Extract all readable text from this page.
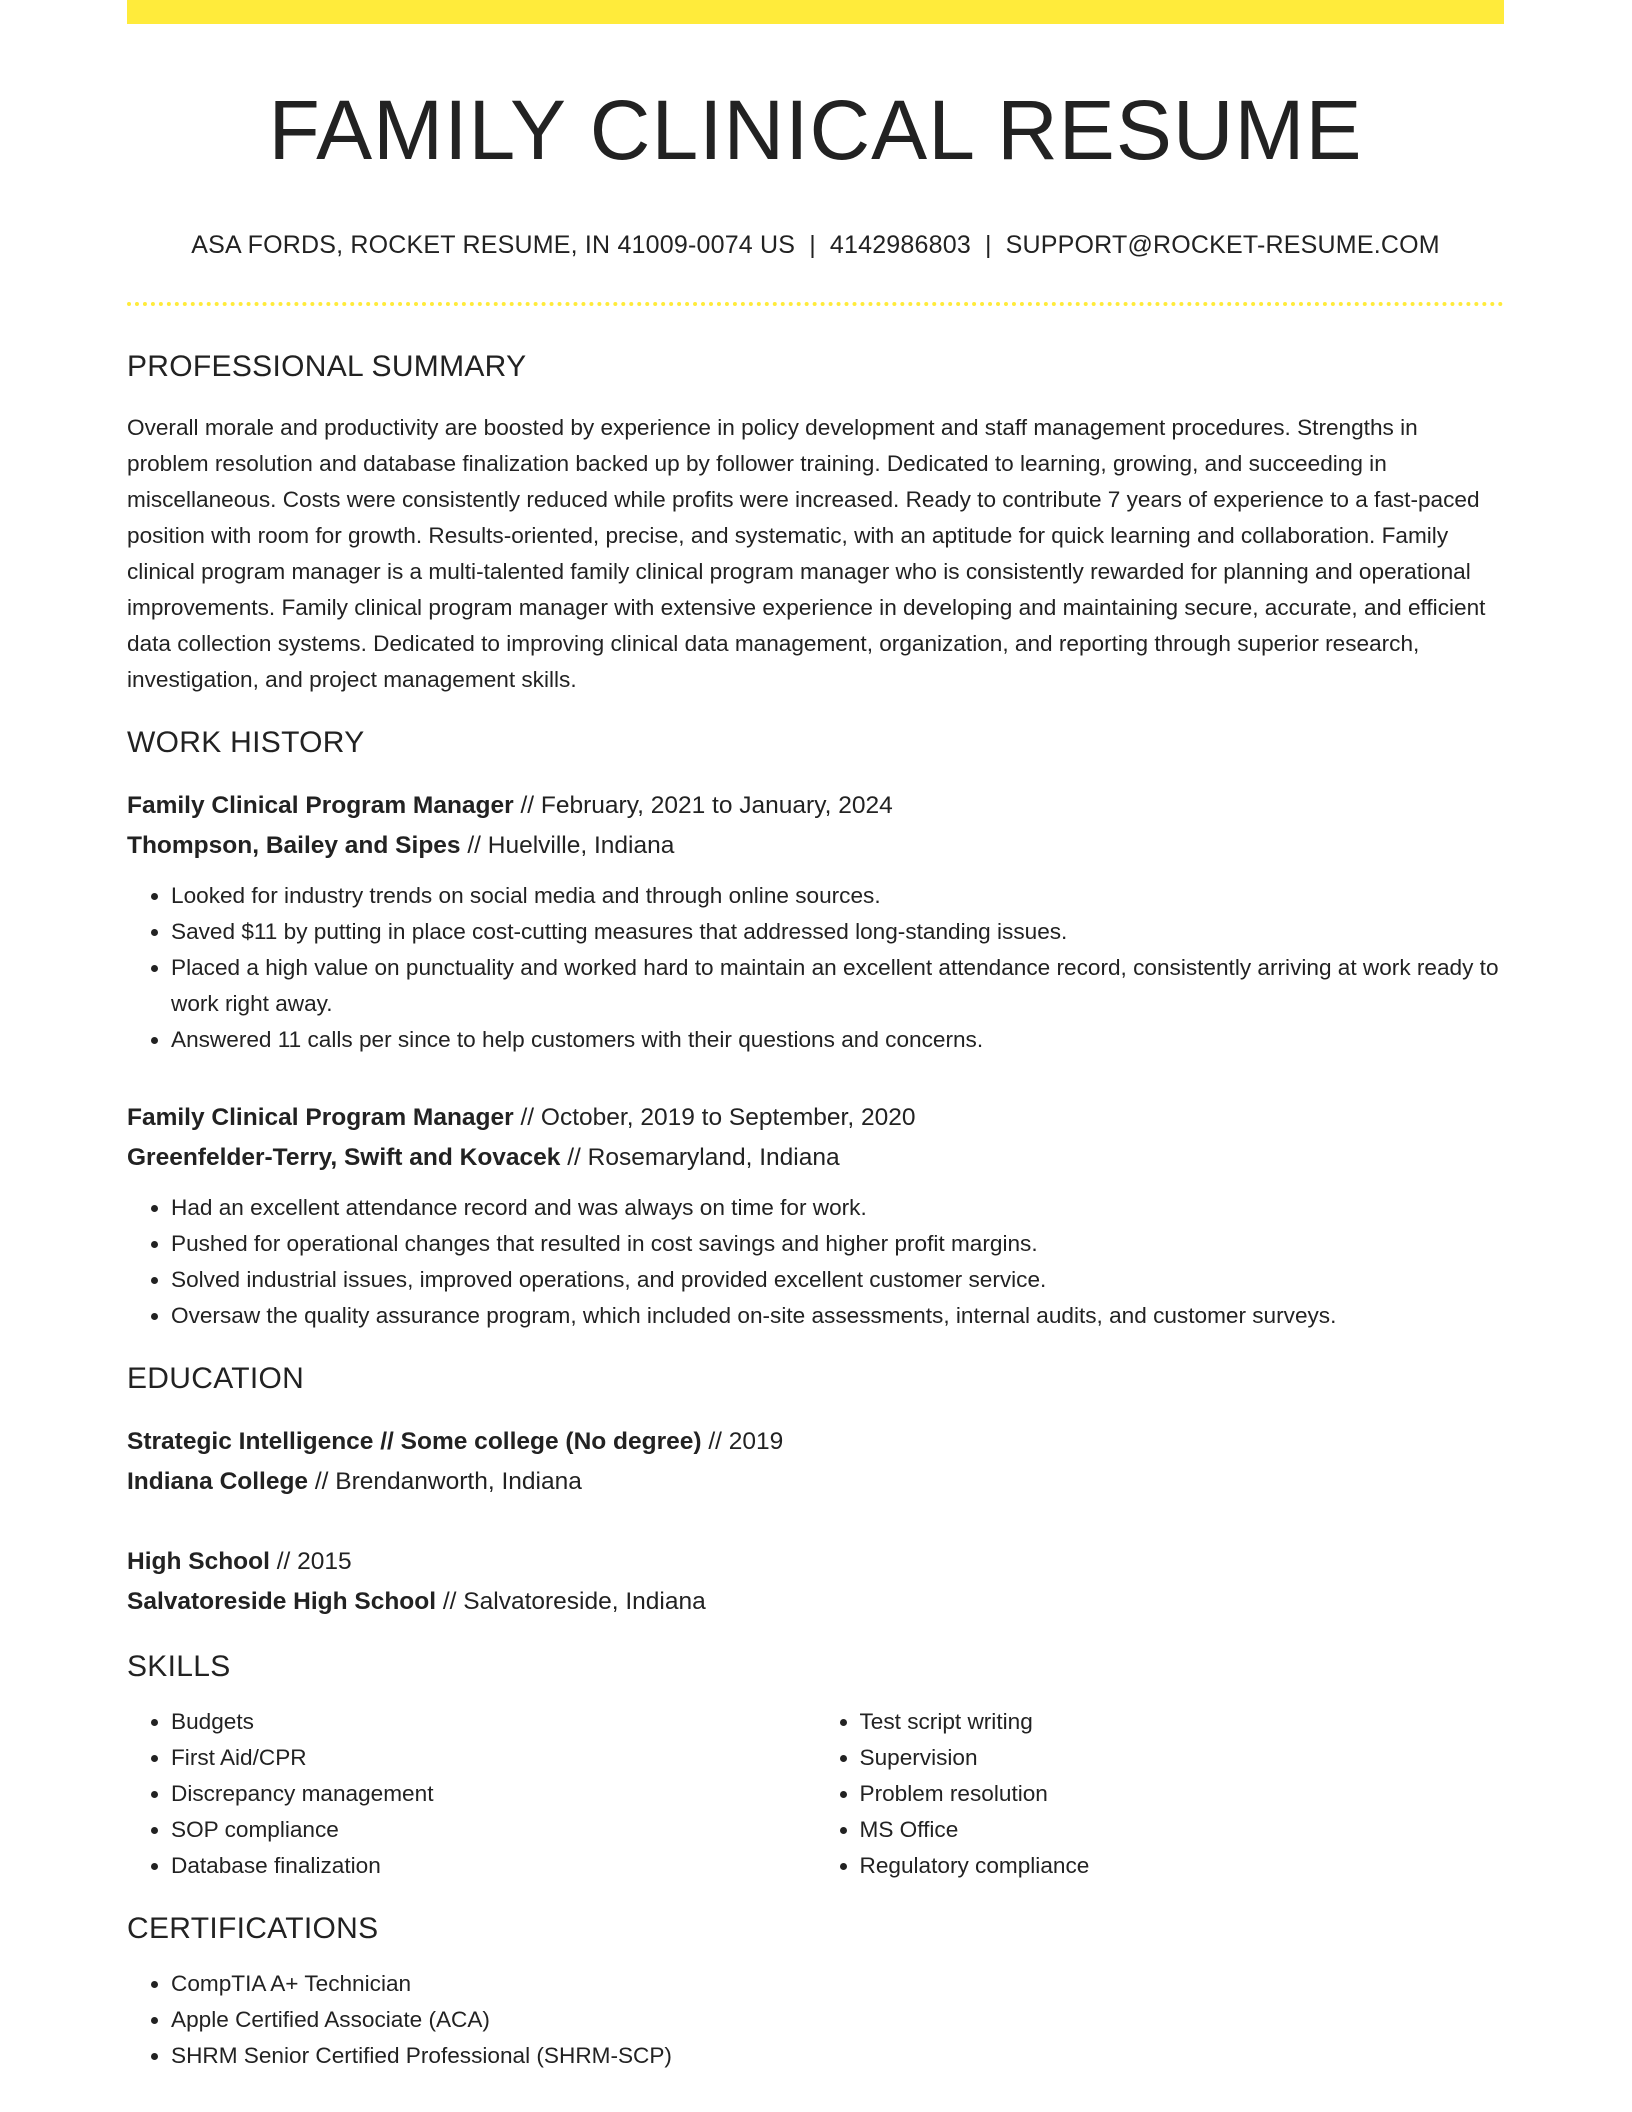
FAMILY CLINICAL RESUME
ASA FORDS, ROCKET RESUME, IN 41009-0074 US | 4142986803 | SUPPORT@ROCKET-RESUME.COM
PROFESSIONAL SUMMARY

Overall morale and productivity are boosted by experience in policy development and staff management procedures. Strengths in problem resolution and database finalization backed up by follower training. Dedicated to learning, growing, and succeeding in miscellaneous. Costs were consistently reduced while profits were increased. Ready to contribute 7 years of experience to a fast-paced position with room for growth. Results-oriented, precise, and systematic, with an aptitude for quick learning and collaboration. Family clinical program manager is a multi-talented family clinical program manager who is consistently rewarded for planning and operational improvements. Family clinical program manager with extensive experience in developing and maintaining secure, accurate, and efficient data collection systems. Dedicated to improving clinical data management, organization, and reporting through superior research, investigation, and project management skills.

WORK HISTORY
Family Clinical Program Manager // February, 2021 to January, 2024
Thompson, Bailey and Sipes // Huelville, Indiana
• Looked for industry trends on social media and through online sources.
• Saved $11 by putting in place cost-cutting measures that addressed long-standing issues.
• Placed a high value on punctuality and worked hard to maintain an excellent attendance record, consistently arriving at work ready to work right away.
• Answered 11 calls per since to help customers with their questions and concerns.
Family Clinical Program Manager // October, 2019 to September, 2020
Greenfelder-Terry, Swift and Kovacek // Rosemaryland, Indiana
• Had an excellent attendance record and was always on time for work.
• Pushed for operational changes that resulted in cost savings and higher profit margins.
• Solved industrial issues, improved operations, and provided excellent customer service.
• Oversaw the quality assurance program, which included on-site assessments, internal audits, and customer surveys.
EDUCATION
Strategic Intelligence // Some college (No degree) // 2019
Indiana College // Brendanworth, Indiana
High School // 2015
Salvatoreside High School // Salvatoreside, Indiana
SKILLS
• Budgets
• First Aid/CPR
• Discrepancy management
• SOP compliance
• Database finalization
• Test script writing
• Supervision
• Problem resolution
• MS Office
• Regulatory compliance
CERTIFICATIONS
• CompTIA A+ Technician
• Apple Certified Associate (ACA)
• SHRM Senior Certified Professional (SHRM-SCP)
